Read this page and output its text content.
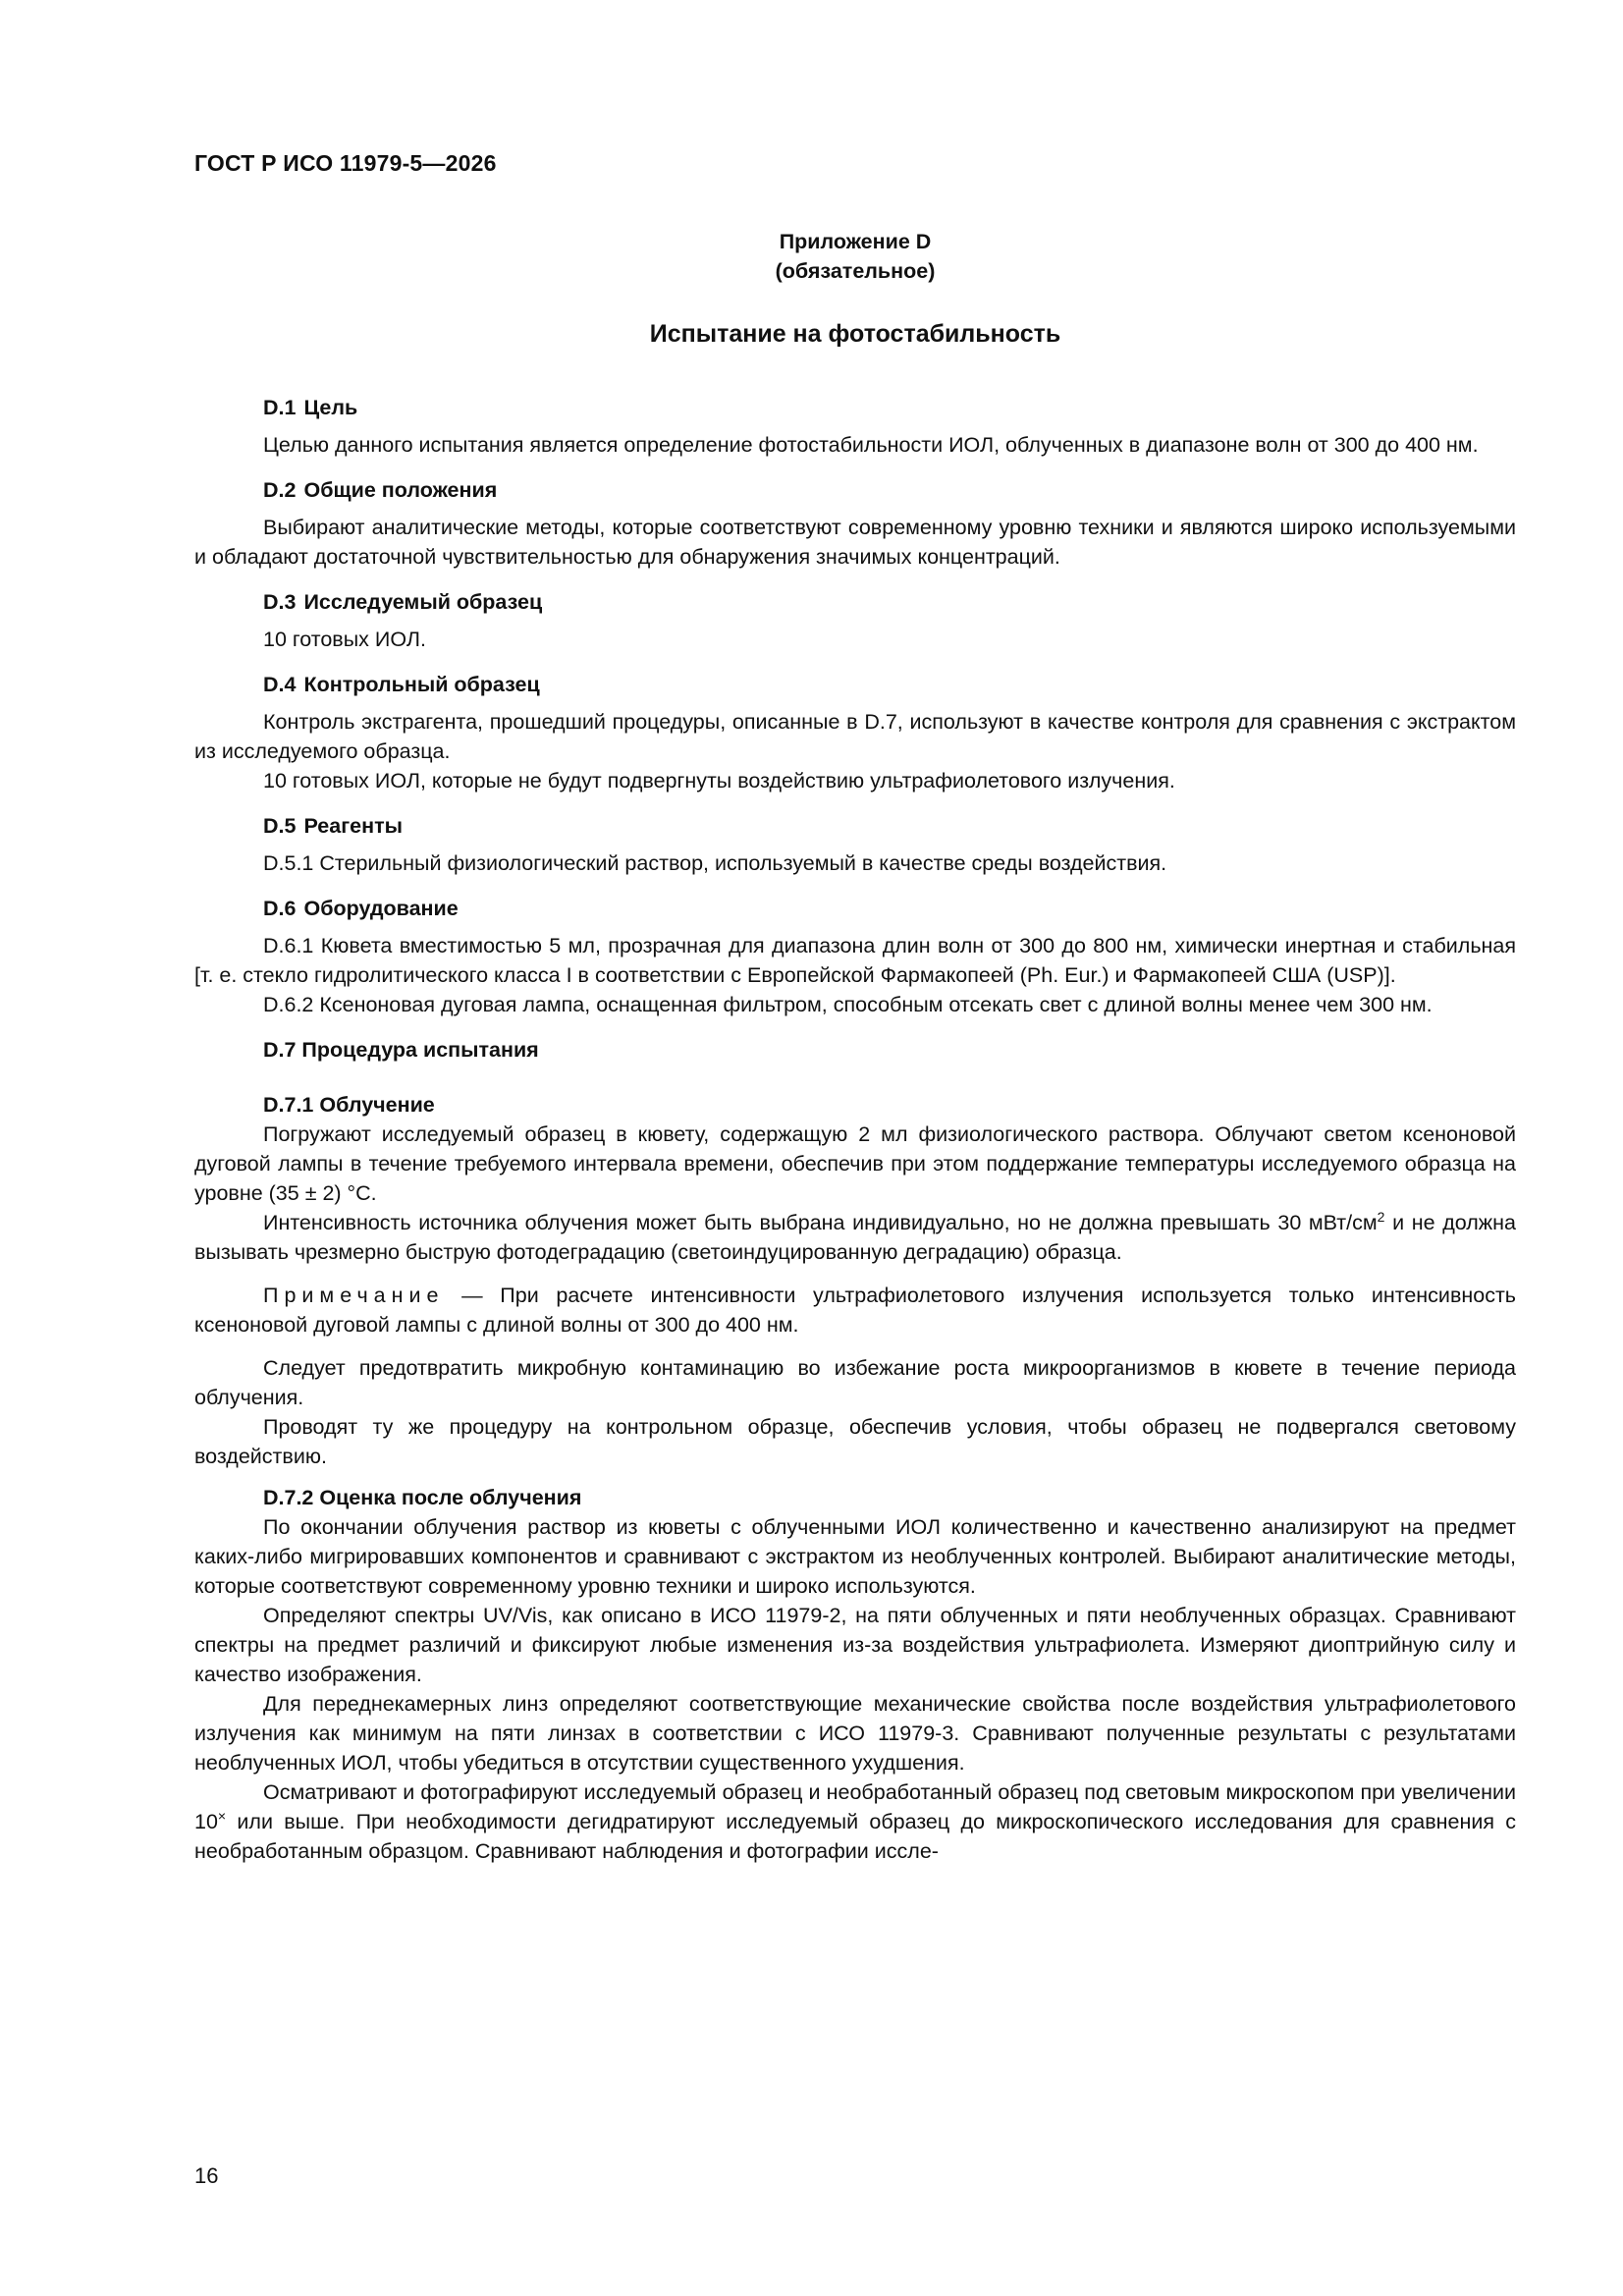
ГОСТ Р ИСО 11979-5—2026
Приложение D
(обязательное)
Испытание на фотостабильность

D.1 Цель

Целью данного испытания является определение фотостабильности ИОЛ, облученных в диапазоне волн от 300 до 400 нм.

D.2 Общие положения

Выбирают аналитические методы, которые соответствуют современному уровню техники и являются широко используемыми и обладают достаточной чувствительностью для обнаружения значимых концентраций.

D.3 Исследуемый образец

10 готовых ИОЛ.

D.4 Контрольный образец

Контроль экстрагента, прошедший процедуры, описанные в D.7, используют в качестве контроля для сравнения с экстрактом из исследуемого образца.

10 готовых ИОЛ, которые не будут подвергнуты воздействию ультрафиолетового излучения.

D.5 Реагенты

D.5.1 Стерильный физиологический раствор, используемый в качестве среды воздействия.

D.6 Оборудование

D.6.1 Кювета вместимостью 5 мл, прозрачная для диапазона длин волн от 300 до 800 нм, химически инертная и стабильная [т. е. стекло гидролитического класса I в соответствии с Европейской Фармакопеей (Ph. Eur.) и Фармакопеей США (USP)].

D.6.2 Ксеноновая дуговая лампа, оснащенная фильтром, способным отсекать свет с длиной волны менее чем 300 нм.

D.7 Процедура испытания

D.7.1 Облучение

Погружают исследуемый образец в кювету, содержащую 2 мл физиологического раствора. Облучают светом ксеноновой дуговой лампы в течение требуемого интервала времени, обеспечив при этом поддержание температуры исследуемого образца на уровне (35 ± 2) °С.

Интенсивность источника облучения может быть выбрана индивидуально, но не должна превышать 30 мВт/$см^2$ и не должна вызывать чрезмерно быструю фотодеградацию (светоиндуцированную деградацию) образца.

Примечание — При расчете интенсивности ультрафиолетового излучения используется только интенсивность ксеноновой дуговой лампы с длиной волны от 300 до 400 нм.

Следует предотвратить микробную контаминацию во избежание роста микроорганизмов в кювете в течение периода облучения.

Проводят ту же процедуру на контрольном образце, обеспечив условия, чтобы образец не подвергался световому воздействию.

D.7.2 Оценка после облучения

По окончании облучения раствор из кюветы с облученными ИОЛ количественно и качественно анализируют на предмет каких-либо мигрировавших компонентов и сравнивают с экстрактом из необлученных контролей. Выбирают аналитические методы, которые соответствуют современному уровню техники и широко используются.

Определяют спектры UV/Vis, как описано в ИСО 11979-2, на пяти облученных и пяти необлученных образцах. Сравнивают спектры на предмет различий и фиксируют любые изменения из-за воздействия ультрафиолета. Измеряют диоптрийную силу и качество изображения.

Для переднекамерных линз определяют соответствующие механические свойства после воздействия ультрафиолетового излучения как минимум на пяти линзах в соответствии с ИСО 11979-3. Сравнивают полученные результаты с результатами необлученных ИОЛ, чтобы убедиться в отсутствии существенного ухудшения.

Осматривают и фотографируют исследуемый образец и необработанный образец под световым микроскопом при увеличении 10× или выше. При необходимости дегидратируют исследуемый образец до микроскопического исследования для сравнения с необработанным образцом. Сравнивают наблюдения и фотографии иссле-

16
